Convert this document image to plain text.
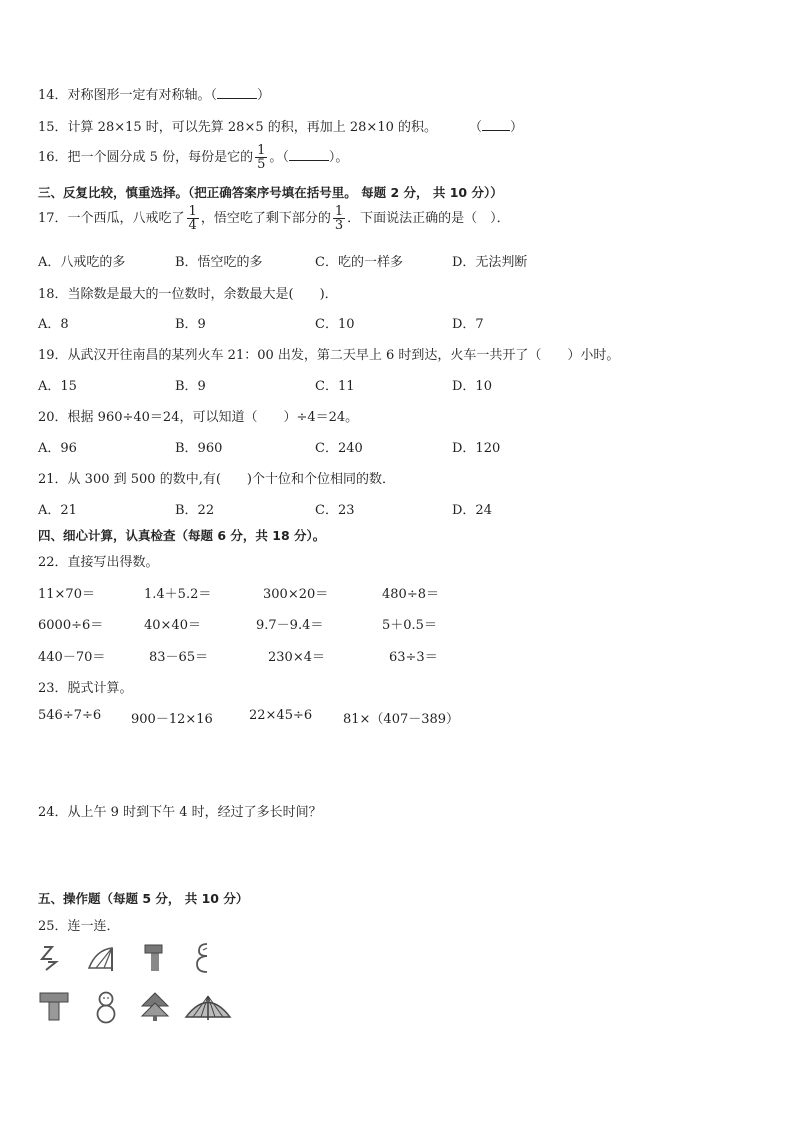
14．对称图形一定有对称轴。（	）
15．计算 28×15 时，可以先算 28×5 的积，再加上 28×10 的积。 （ ）
16．把一个圆分成 5 份，每份是它的 $\frac{1}{5}$ 。（	）。
三、反复比较，慎重选择。（把正确答案序号填在括号里。 每题 2 分， 共 10 分））
17．一个西瓜，八戒吃了 $\frac{1}{4}$ ，悟空吃了剩下部分的 $\frac{1}{3}$ ．下面说法正确的是（　）．
A．八戒吃的多	B．悟空吃的多	C．吃的一样多	D．无法判断
18．当除数是最大的一位数时，余数最大是(　　)．
A．8	B．9	C．10	D．7
19．从武汉开往南昌的某列火车 21：00 出发，第二天早上 6 时到达，火车一共开了（　　）小时。
A．15	B．9	C．11	D．10
20．根据 960÷40＝24，可以知道（　　）÷4＝24。
A．96	B．960	C．240	D．120
21．从 300 到 500 的数中,有(　　)个十位和个位相同的数．
A．21	B．22	C．23	D．24
四、细心计算，认真检查（每题 6 分，共 18 分）。
22．直接写出得数。
11×70＝	1.4＋5.2＝	300×20＝	480÷8＝
6000÷6＝	40×40＝	9.7－9.4＝	5＋0.5＝
440－70＝	83－65＝	230×4＝	63÷3＝
23．脱式计算。
546÷7÷6 900－12×16	22×45÷6 81×（407－389）
24．从上午 9 时到下午 4 时，经过了多长时间？
五、操作题（每题 5 分， 共 10 分）
25．连一连．
